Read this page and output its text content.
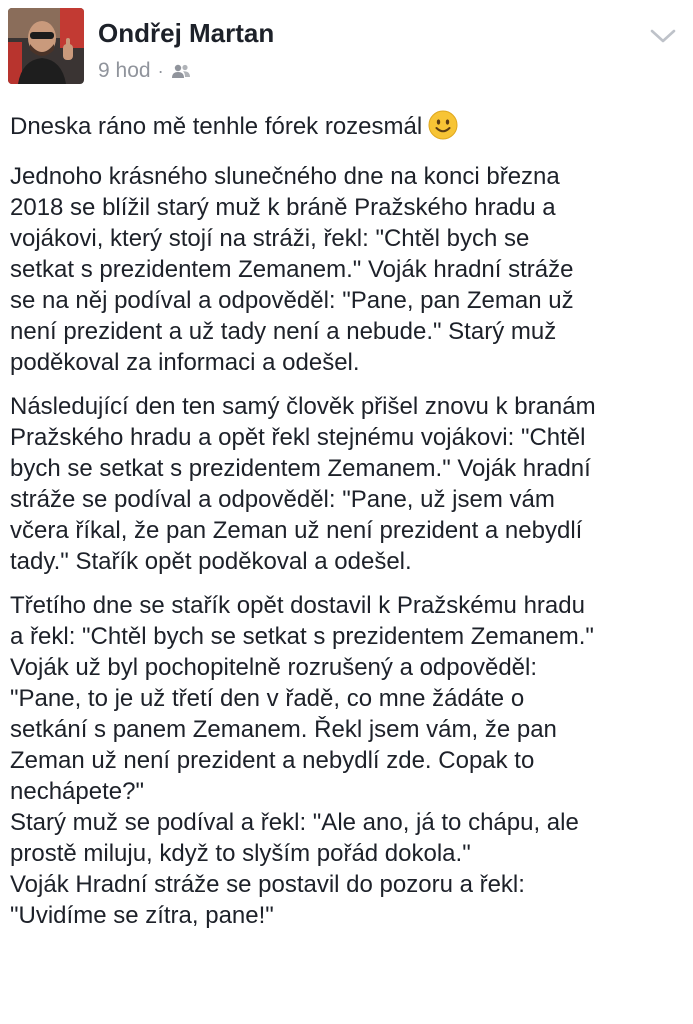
Ondřej Martan
9 hod ·
Dneska ráno mě tenhle fórek rozesmál
Jednoho krásného slunečného dne na konci března
2018 se blížil starý muž k bráně Pražského hradu a
vojákovi, který stojí na stráži, řekl: "Chtěl bych se
setkat s prezidentem Zemanem." Voják hradní stráže
se na něj podíval a odpověděl: "Pane, pan Zeman už
není prezident a už tady není a nebude." Starý muž
poděkoval za informaci a odešel.
Následující den ten samý člověk přišel znovu k branám
Pražského hradu a opět řekl stejnému vojákovi: "Chtěl
bych se setkat s prezidentem Zemanem." Voják hradní
stráže se podíval a odpověděl: "Pane, už jsem vám
včera říkal, že pan Zeman už není prezident a nebydlí
tady." Stařík opět poděkoval a odešel.
Třetího dne se stařík opět dostavil k Pražskému hradu
a řekl: "Chtěl bych se setkat s prezidentem Zemanem."
Voják už byl pochopitelně rozrušený a odpověděl:
"Pane, to je už třetí den v řadě, co mne žádáte o
setkání s panem Zemanem. Řekl jsem vám, že pan
Zeman už není prezident a nebydlí zde. Copak to
nechápete?"
Starý muž se podíval a řekl: "Ale ano, já to chápu, ale
prostě miluju, když to slyším pořád dokola."
Voják Hradní stráže se postavil do pozoru a řekl:
"Uvidíme se zítra, pane!"
